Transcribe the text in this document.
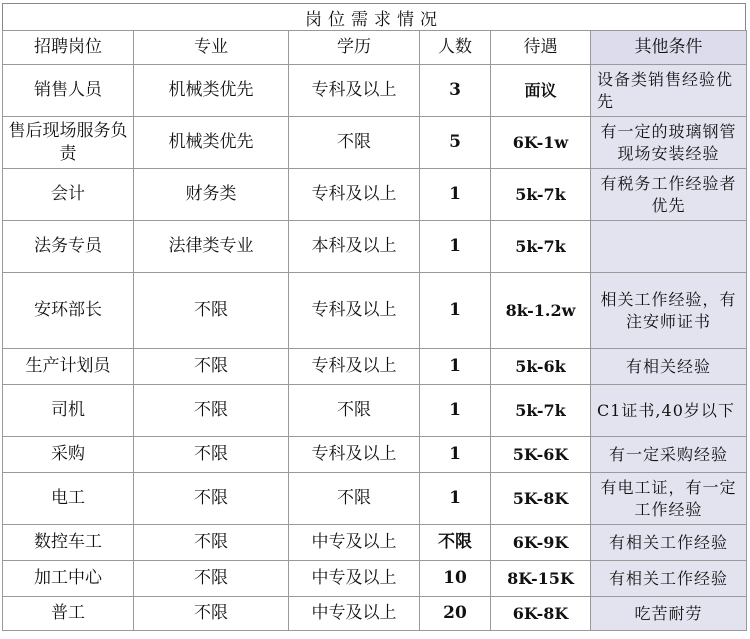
岗位需求情况
招聘岗位	专业	学历	人数	待遇	其他条件
销售人员	机械类优先	专科及以上	3	面议	设备类销售经验优先
售后现场服务负责	机械类优先	不限	5	6K-1w	有一定的玻璃钢管现场安装经验
会计	财务类	专科及以上	1	5k-7k	有税务工作经验者优先
法务专员	法律类专业	本科及以上	1	5k-7k	
安环部长	不限	专科及以上	1	8k-1.2w	相关工作经验，有注安师证书
生产计划员	不限	专科及以上	1	5k-6k	有相关经验
司机	不限	不限	1	5k-7k	C1证书,40岁以下
采购	不限	专科及以上	1	5K-6K	有一定采购经验
电工	不限	不限	1	5K-8K	有电工证，有一定工作经验
数控车工	不限	中专及以上	不限	6K-9K	有相关工作经验
加工中心	不限	中专及以上	10	8K-15K	有相关工作经验
普工	不限	中专及以上	20	6K-8K	吃苦耐劳
